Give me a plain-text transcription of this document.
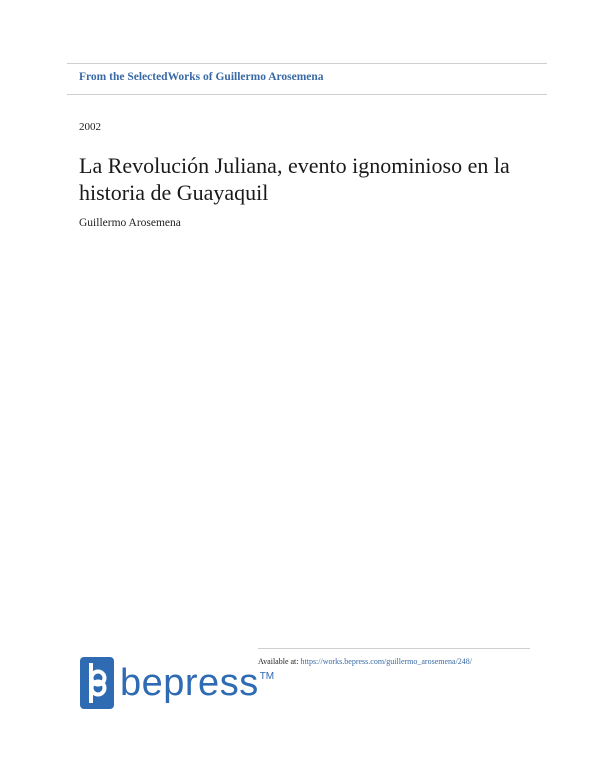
From the SelectedWorks of Guillermo Arosemena
2002
La Revolución Juliana, evento ignominioso en la historia de Guayaquil
Guillermo Arosemena
bepress TM
Available at: https://works.bepress.com/guillermo_arosemena/248/
